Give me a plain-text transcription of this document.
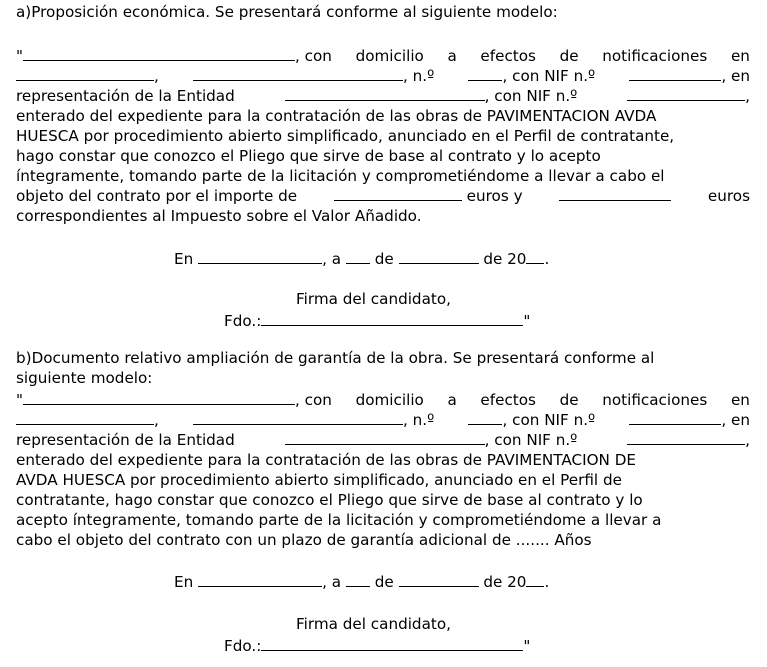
a)Proposición económica. Se presentará conforme al siguiente modelo:
"	, con domicilio a efectos de notificaciones en
,	, n.º	, con NIF n.º	, en
representación de la Entidad	, con NIF n.º	,
enterado del expediente para la contratación de las obras de PAVIMENTACION AVDA
HUESCA por procedimiento abierto simplificado, anunciado en el Perfil de contratante,
hago constar que conozco el Pliego que sirve de base al contrato y lo acepto
íntegramente, tomando parte de la licitación y comprometiéndome a llevar a cabo el
objeto del contrato por el importe de	euros y	euros
correspondientes al Impuesto sobre el Valor Añadido.
En	, a de	de 20 .
Firma del candidato,
Fdo.:	"
b)Documento relativo ampliación de garantía de la obra. Se presentará conforme al
siguiente modelo:
"	, con domicilio a efectos de notificaciones en
,	, n.º	, con NIF n.º	, en
representación de la Entidad	, con NIF n.º	,
enterado del expediente para la contratación de las obras de PAVIMENTACION DE
AVDA HUESCA por procedimiento abierto simplificado, anunciado en el Perfil de
contratante, hago constar que conozco el Pliego que sirve de base al contrato y lo
acepto íntegramente, tomando parte de la licitación y comprometiéndome a llevar a
cabo el objeto del contrato con un plazo de garantía adicional de ....... Años
En	, a de	de 20 .
Firma del candidato,
Fdo.:	"
